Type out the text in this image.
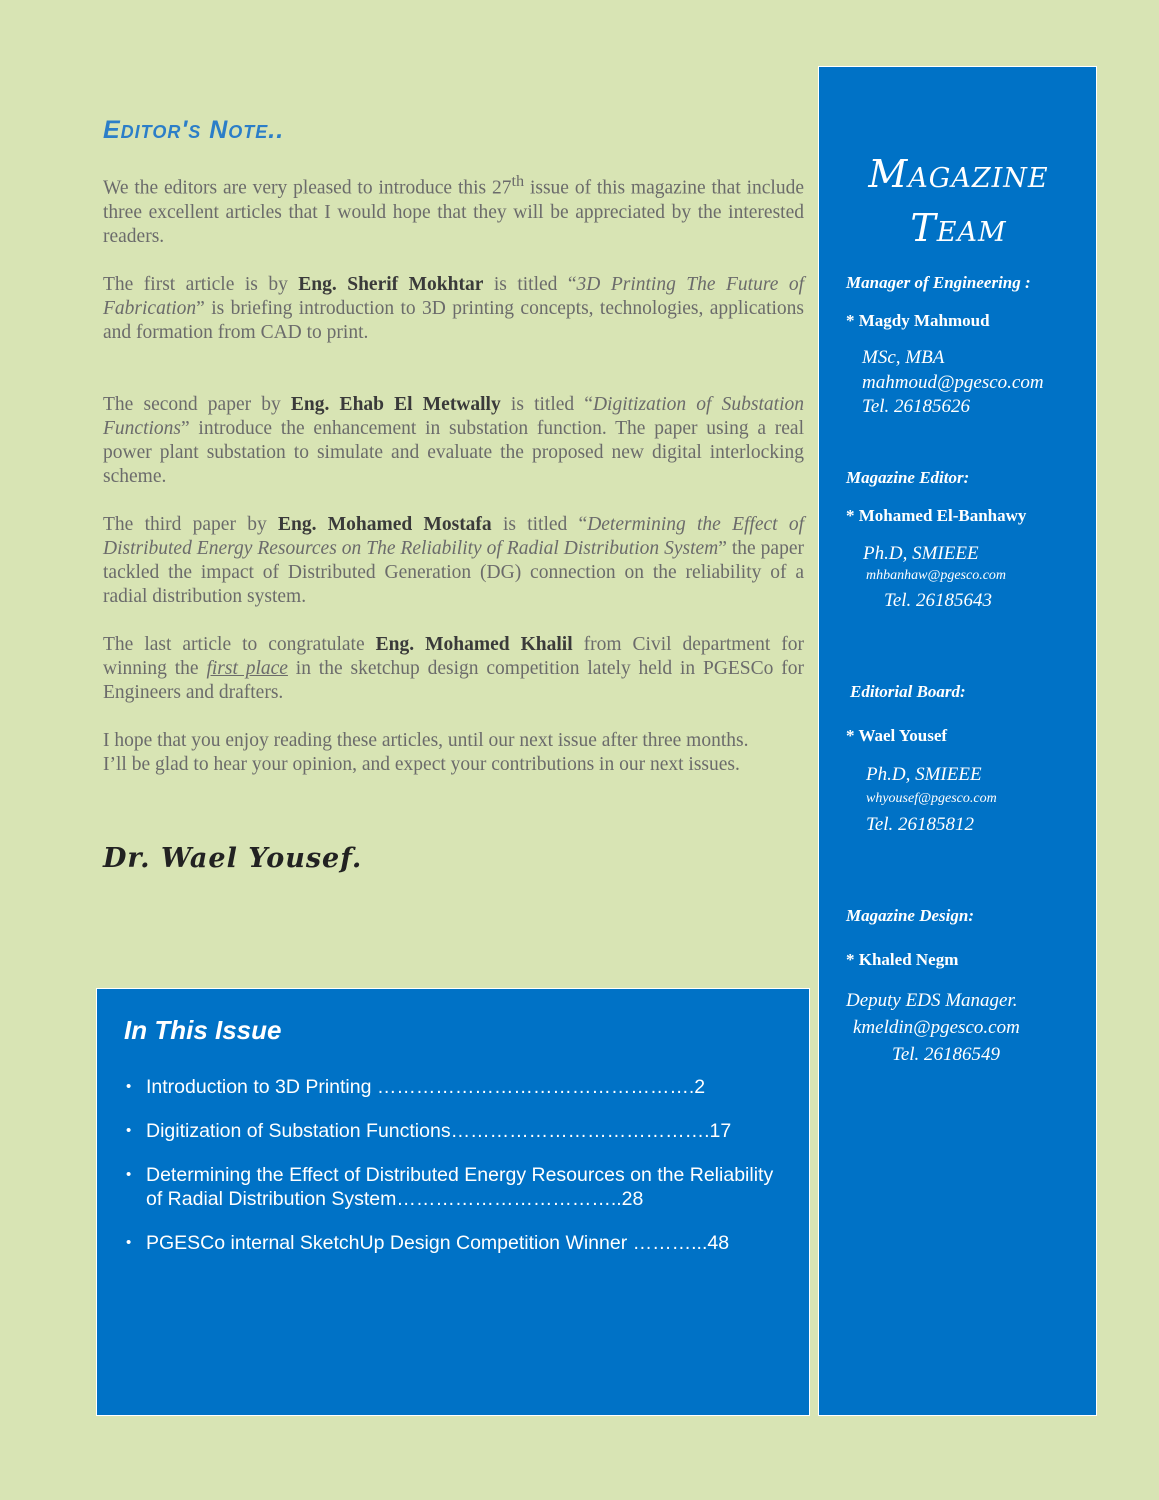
Editor's Note..

We the editors are very pleased to introduce this 27th issue of this magazine that include three excellent articles that I would hope that they will be appreciated by the interested readers.

The first article is by Eng. Sherif Mokhtar is titled “3D Printing The Future of Fabrication” is briefing introduction to 3D printing concepts, technologies, applications and formation from CAD to print.

The second paper by Eng. Ehab El Metwally is titled “Digitization of Substation Functions” introduce the enhancement in substation function. The paper using a real power plant substation to simulate and evaluate the proposed new digital interlocking scheme.

The third paper by Eng. Mohamed Mostafa is titled “Determining the Effect of Distributed Energy Resources on The Reliability of Radial Distribution System” the paper tackled the impact of Distributed Generation (DG) connection on the reliability of a radial distribution system.

The last article to congratulate Eng. Mohamed Khalil from Civil department for winning the first place in the sketchup design competition lately held in PGESCo for Engineers and drafters.

I hope that you enjoy reading these articles, until our next issue after three months.

I’ll be glad to hear your opinion, and expect your contributions in our next issues.

Dr. Wael Yousef.
In This Issue
• Introduction to 3D Printing ………………………………………….2
• Digitization of Substation Functions………………………………….17
• Determining the Effect of Distributed Energy Resources on the Reliability of Radial Distribution System……………………………..28
• PGESCo internal SketchUp Design Competition Winner ………...48
Magazine
Team
Manager of Engineering :
* Magdy Mahmoud
MSc, MBA
mahmoud@pgesco.com
Tel. 26185626
Magazine Editor:
* Mohamed El-Banhawy
Ph.D, SMIEEE
mhbanhaw@pgesco.com
Tel. 26185643
Editorial Board:
* Wael Yousef
Ph.D, SMIEEE
whyousef@pgesco.com
Tel. 26185812
Magazine Design:
* Khaled Negm
Deputy EDS Manager.
kmeldin@pgesco.com
Tel. 26186549
